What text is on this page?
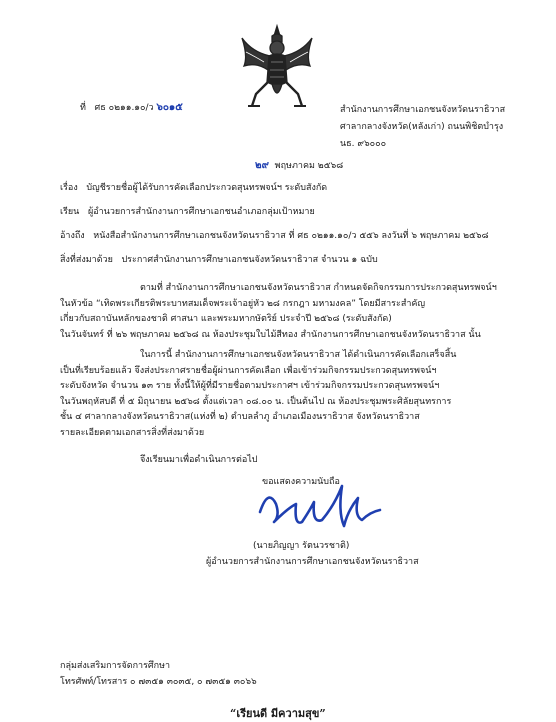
ที่ ศธ ๐๒๑๑.๑๐/ว ๖๐๑๕	สำนักงานการศึกษาเอกชนจังหวัดนราธิวาส
ศาลากลางจังหวัด(หลังเก่า) ถนนพิชิตบำรุง
นธ. ๙๖๐๐๐
๒๙ พฤษภาคม ๒๕๖๘
เรื่อง บัญชีรายชื่อผู้ได้รับการคัดเลือกประกวดสุนทรพจน์ฯ ระดับสังกัด
เรียน ผู้อำนวยการสำนักงานการศึกษาเอกชนอำเภอกลุ่มเป้าหมาย
อ้างถึง หนังสือสำนักงานการศึกษาเอกชนจังหวัดนราธิวาส ที่ ศธ ๐๒๑๑.๑๐/ว ๕๕๖ ลงวันที่ ๖ พฤษภาคม ๒๕๖๘
สิ่งที่ส่งมาด้วย ประกาศสำนักงานการศึกษาเอกชนจังหวัดนราธิวาส จำนวน ๑ ฉบับ

ตามที่ สำนักงานการศึกษาเอกชนจังหวัดนราธิวาส กำหนดจัดกิจกรรมการประกวดสุนทรพจน์ฯ

ในหัวข้อ “เทิดพระเกียรติพระบาทสมเด็จพระเจ้าอยู่หัว ๒๘ กรกฎา มหามงคล” โดยมีสาระสำคัญ

เกี่ยวกับสถาบันหลักของชาติ ศาสนา และพระมหากษัตริย์ ประจำปี ๒๕๖๘ (ระดับสังกัด)

ในวันจันทร์ ที่ ๒๖ พฤษภาคม ๒๕๖๘ ณ ห้องประชุมใบไม้สีทอง สำนักงานการศึกษาเอกชนจังหวัดนราธิวาส นั้น

ในการนี้ สำนักงานการศึกษาเอกชนจังหวัดนราธิวาส ได้ดำเนินการคัดเลือกเสร็จสิ้น

เป็นที่เรียบร้อยแล้ว จึงส่งประกาศรายชื่อผู้ผ่านการคัดเลือก เพื่อเข้าร่วมกิจกรรมประกวดสุนทรพจน์ฯ

ระดับจังหวัด จำนวน ๑๓ ราย ทั้งนี้ให้ผู้ที่มีรายชื่อตามประกาศฯ เข้าร่วมกิจกรรมประกวดสุนทรพจน์ฯ

ในวันพฤหัสบดี ที่ ๕ มิถุนายน ๒๕๖๘ ตั้งแต่เวลา ๐๘.๐๐ น. เป็นต้นไป ณ ห้องประชุมพระศิลัยสุนทรการ

ชั้น ๔ ศาลากลางจังหวัดนราธิวาส(แห่งที่ ๒) ตำบลลำภู อำเภอเมืองนราธิวาส จังหวัดนราธิวาส

รายละเอียดตามเอกสารสิ่งที่ส่งมาด้วย

จึงเรียนมาเพื่อดำเนินการต่อไป
ขอแสดงความนับถือ
(นายภิญญา รัตนวรชาติ)
ผู้อำนวยการสำนักงานการศึกษาเอกชนจังหวัดนราธิวาส
กลุ่มส่งเสริมการจัดการศึกษา
โทรศัพท์/โทรสาร ๐ ๗๓๕๑ ๓๐๓๕, ๐ ๗๓๕๑ ๓๐๖๖
“เรียนดี มีความสุข”
